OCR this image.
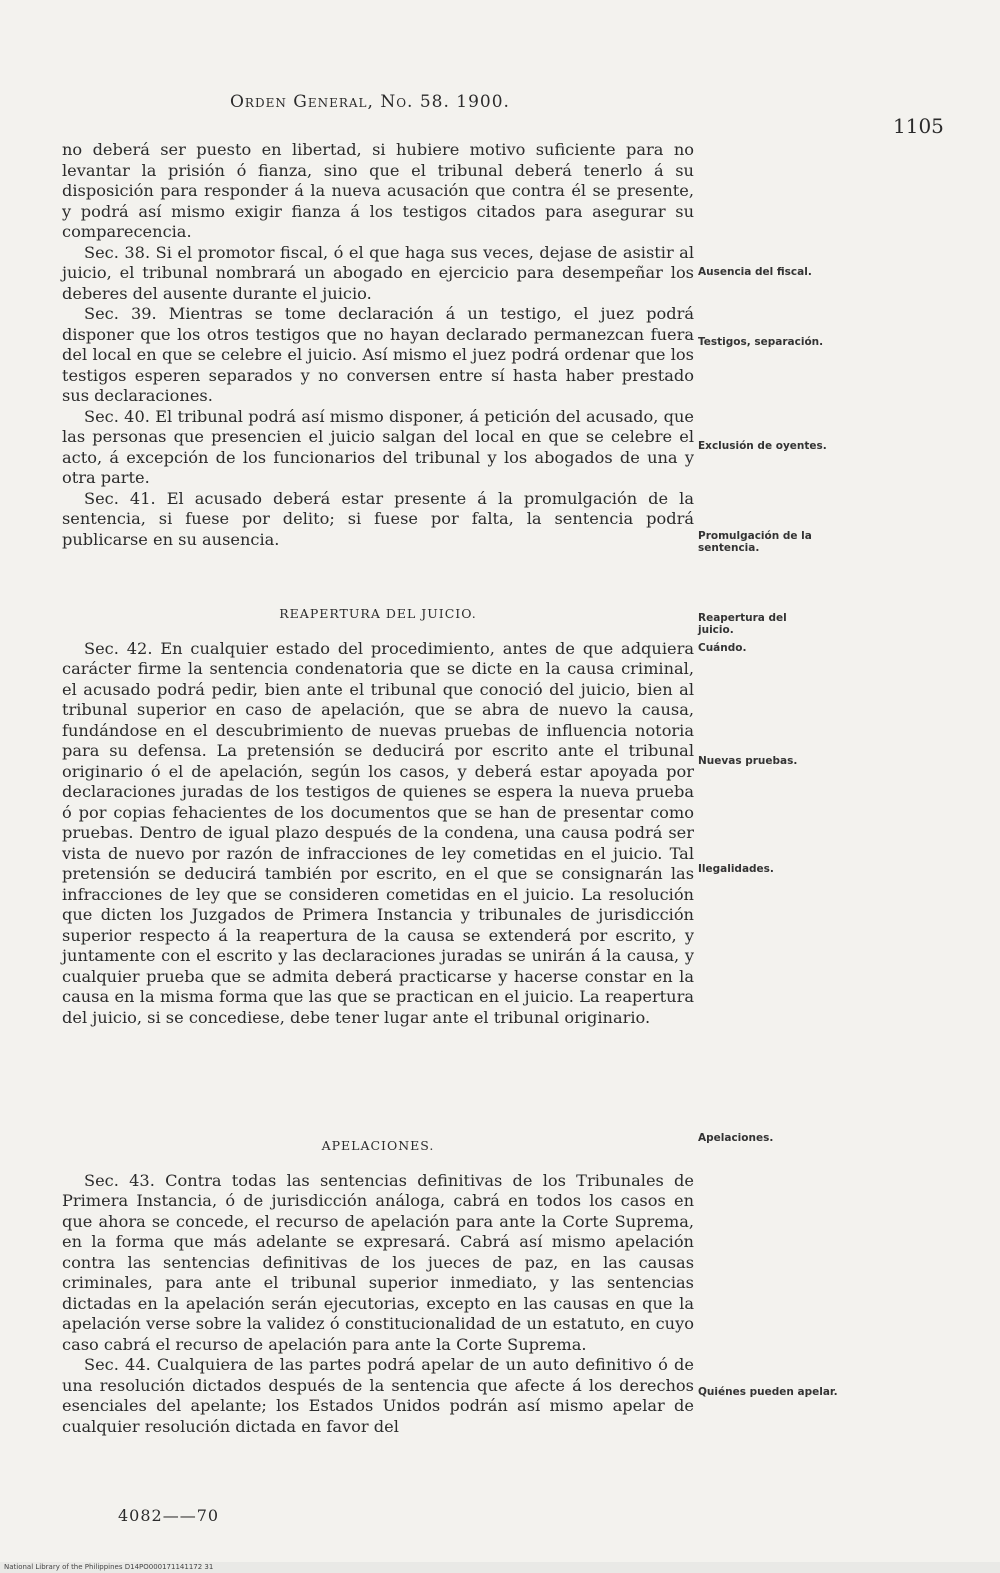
Orden General, No. 58. 1900.
1105

no deberá ser puesto en libertad, si hubiere motivo suficiente para no levantar la prisión ó fianza, sino que el tribunal deberá tenerlo á su disposición para responder á la nueva acusación que contra él se presente, y podrá así mismo exigir fianza á los testigos citados para asegurar su comparecencia.

Sec. 38. Si el promotor fiscal, ó el que haga sus veces, dejase de asistir al juicio, el tribunal nombrará un abogado en ejercicio para desempeñar los deberes del ausente durante el juicio.

Sec. 39. Mientras se tome declaración á un testigo, el juez podrá disponer que los otros testigos que no hayan declarado permanezcan fuera del local en que se celebre el juicio. Así mismo el juez podrá ordenar que los testigos esperen separados y no conversen entre sí hasta haber prestado sus declaraciones.

Sec. 40. El tribunal podrá así mismo disponer, á petición del acusado, que las personas que presencien el juicio salgan del local en que se celebre el acto, á excepción de los funcionarios del tribunal y los abogados de una y otra parte.

Sec. 41. El acusado deberá estar presente á la promulgación de la sentencia, si fuese por delito; si fuese por falta, la sentencia podrá publicarse en su ausencia.

REAPERTURA DEL JUICIO.

Sec. 42. En cualquier estado del procedimiento, antes de que adquiera carácter firme la sentencia condenatoria que se dicte en la causa criminal, el acusado podrá pedir, bien ante el tribunal que conoció del juicio, bien al tribunal superior en caso de apelación, que se abra de nuevo la causa, fundándose en el descubrimiento de nuevas pruebas de influencia notoria para su defensa. La pretensión se deducirá por escrito ante el tribunal originario ó el de apelación, según los casos, y deberá estar apoyada por declaraciones juradas de los testigos de quienes se espera la nueva prueba ó por copias fehacientes de los documentos que se han de presentar como pruebas. Dentro de igual plazo después de la condena, una causa podrá ser vista de nuevo por razón de infracciones de ley cometidas en el juicio. Tal pretensión se deducirá también por escrito, en el que se consignarán las infracciones de ley que se consideren cometidas en el juicio. La resolución que dicten los Juzgados de Primera Instancia y tribunales de jurisdicción superior respecto á la reapertura de la causa se extenderá por escrito, y juntamente con el escrito y las declaraciones juradas se unirán á la causa, y cualquier prueba que se admita deberá practicarse y hacerse constar en la causa en la misma forma que las que se practican en el juicio. La reapertura del juicio, si se concediese, debe tener lugar ante el tribunal originario.

APELACIONES.

Sec. 43. Contra todas las sentencias definitivas de los Tribunales de Primera Instancia, ó de jurisdicción análoga, cabrá en todos los casos en que ahora se concede, el recurso de apelación para ante la Corte Suprema, en la forma que más adelante se expresará. Cabrá así mismo apelación contra las sentencias definitivas de los jueces de paz, en las causas criminales, para ante el tribunal superior inmediato, y las sentencias dictadas en la apelación serán ejecutorias, excepto en las causas en que la apelación verse sobre la validez ó constitucionalidad de un estatuto, en cuyo caso cabrá el recurso de apelación para ante la Corte Suprema.

Sec. 44. Cualquiera de las partes podrá apelar de un auto definitivo ó de una resolución dictados después de la sentencia que afecte á los derechos esenciales del apelante; los Estados Unidos podrán así mismo apelar de cualquier resolución dictada en favor del

Ausencia del fiscal.
Testigos, separación.
Exclusión de oyentes.
Promulgación de la sentencia.
Reapertura del juicio.
Cuándo.
Nuevas pruebas.
Ilegalidades.
Apelaciones.
Quiénes pueden apelar.
4082——70
National Library of the Philippines D14PO000171141172 31
